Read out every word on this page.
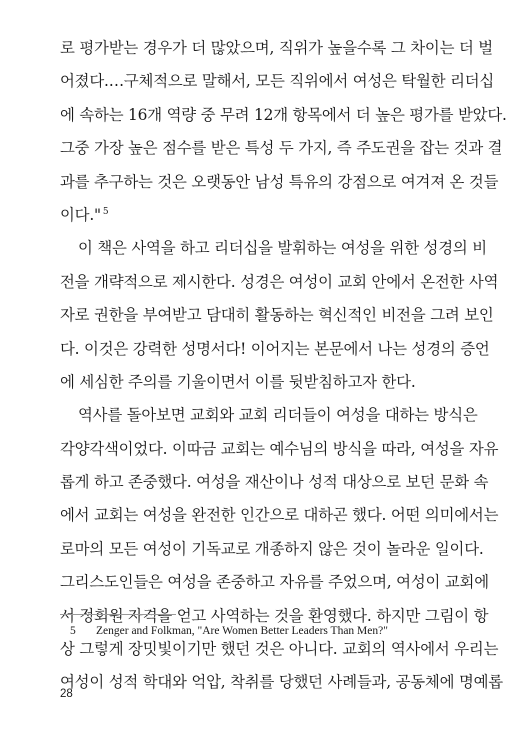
로 평가받는 경우가 더 많았으며, 직위가 높을수록 그 차이는 더 벌
어졌다.…구체적으로 말해서, 모든 직위에서 여성은 탁월한 리더십
에 속하는 16개 역량 중 무려 12개 항목에서 더 높은 평가를 받았다.
그중 가장 높은 점수를 받은 특성 두 가지, 즉 주도권을 잡는 것과 결
과를 추구하는 것은 오랫동안 남성 특유의 강점으로 여겨져 온 것들
이다." $^5$
이 책은 사역을 하고 리더십을 발휘하는 여성을 위한 성경의 비
전을 개략적으로 제시한다. 성경은 여성이 교회 안에서 온전한 사역
자로 권한을 부여받고 담대히 활동하는 혁신적인 비전을 그려 보인
다. 이것은 강력한 성명서다! 이어지는 본문에서 나는 성경의 증언
에 세심한 주의를 기울이면서 이를 뒷받침하고자 한다.
역사를 돌아보면 교회와 교회 리더들이 여성을 대하는 방식은
각양각색이었다. 이따금 교회는 예수님의 방식을 따라, 여성을 자유
롭게 하고 존중했다. 여성을 재산이나 성적 대상으로 보던 문화 속
에서 교회는 여성을 완전한 인간으로 대하곤 했다. 어떤 의미에서는
로마의 모든 여성이 기독교로 개종하지 않은 것이 놀라운 일이다.
그리스도인들은 여성을 존중하고 자유를 주었으며, 여성이 교회에
서 정회원 자격을 얻고 사역하는 것을 환영했다. 하지만 그림이 항
상 그렇게 장밋빛이기만 했던 것은 아니다. 교회의 역사에서 우리는
여성이 성적 학대와 억압, 착취를 당했던 사례들과, 공동체에 명예롭
5 Zenger and Folkman, "Are Women Better Leaders Than Men?"
28
